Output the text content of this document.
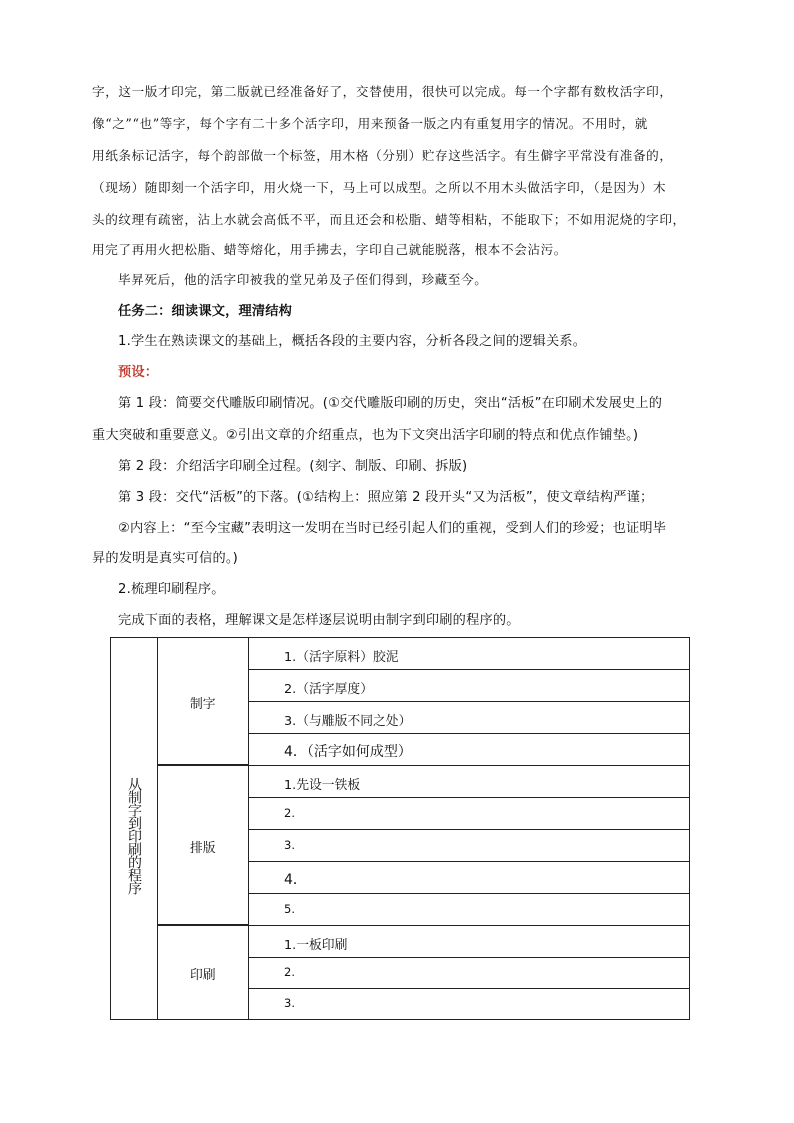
字，这一版才印完，第二版就已经准备好了，交替使用，很快可以完成。每一个字都有数枚活字印，
像“之”“也”等字，每个字有二十多个活字印，用来预备一版之内有重复用字的情况。不用时，就
用纸条标记活字，每个韵部做一个标签，用木格（分别）贮存这些活字。有生僻字平常没有准备的，
（现场）随即刻一个活字印，用火烧一下，马上可以成型。之所以不用木头做活字印，（是因为）木
头的纹理有疏密，沾上水就会高低不平，而且还会和松脂、蜡等相粘，不能取下；不如用泥烧的字印，
用完了再用火把松脂、蜡等熔化，用手拂去，字印自己就能脱落，根本不会沾污。
毕昇死后，他的活字印被我的堂兄弟及子侄们得到，珍藏至今。
任务二：细读课文，理清结构
1.学生在熟读课文的基础上，概括各段的主要内容，分析各段之间的逻辑关系。
预设：
第 1 段：简要交代雕版印刷情况。(①交代雕版印刷的历史，突出“活板”在印刷术发展史上的
重大突破和重要意义。②引出文章的介绍重点，也为下文突出活字印刷的特点和优点作铺垫。)
第 2 段：介绍活字印刷全过程。(刻字、制版、印刷、拆版)
第 3 段：交代“活板”的下落。(①结构上：照应第 2 段开头“又为活板”，使文章结构严谨；
②内容上：“至今宝藏”表明这一发明在当时已经引起人们的重视，受到人们的珍爱；也证明毕
昇的发明是真实可信的。)
2.梳理印刷程序。
完成下面的表格，理解课文是怎样逐层说明由制字到印刷的程序的。
从制字到印刷的程序
制字
1.（活字原料）胶泥
2.（活字厚度）
3.（与雕版不同之处）
4．（活字如何成型）
排版
1.先设一铁板
2.
3.
4．
5.
印刷
1.一板印刷
2.
3.
